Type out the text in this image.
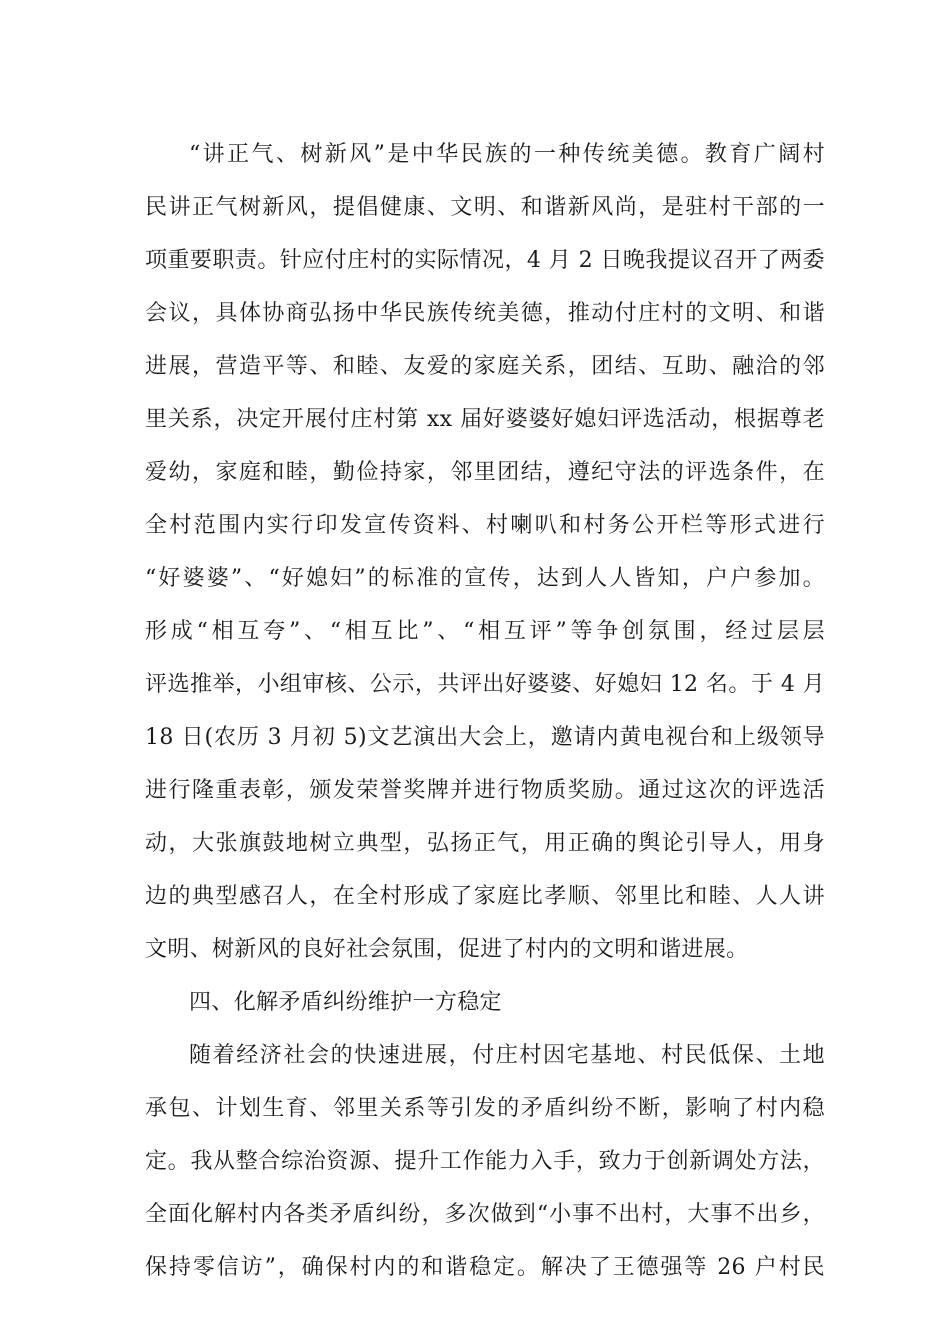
“讲正气、树新风”是中华民族的一种传统美德。教育广阔村
民讲正气树新风，提倡健康、文明、和谐新风尚，是驻村干部的一
项重要职责。针应付庄村的实际情况，4 月 2 日晚我提议召开了两委
会议，具体协商弘扬中华民族传统美德，推动付庄村的文明、和谐
进展，营造平等、和睦、友爱的家庭关系，团结、互助、融洽的邻
里关系，决定开展付庄村第 xx 届好婆婆好媳妇评选活动，根据尊老
爱幼，家庭和睦，勤俭持家，邻里团结，遵纪守法的评选条件，在
全村范围内实行印发宣传资料、村喇叭和村务公开栏等形式进行
“好婆婆”、“好媳妇”的标准的宣传，达到人人皆知，户户参加。
形成“相互夸”、“相互比”、“相互评”等争创氛围，经过层层
评选推举，小组审核、公示，共评出好婆婆、好媳妇 12 名。于 4 月
18 日(农历 3 月初 5)文艺演出大会上，邀请内黄电视台和上级领导
进行隆重表彰，颁发荣誉奖牌并进行物质奖励。通过这次的评选活
动，大张旗鼓地树立典型，弘扬正气，用正确的舆论引导人，用身
边的典型感召人，在全村形成了家庭比孝顺、邻里比和睦、人人讲
文明、树新风的良好社会氛围，促进了村内的文明和谐进展。
四、化解矛盾纠纷维护一方稳定
随着经济社会的快速进展，付庄村因宅基地、村民低保、土地
承包、计划生育、邻里关系等引发的矛盾纠纷不断，影响了村内稳
定。我从整合综治资源、提升工作能力入手，致力于创新调处方法，
全面化解村内各类矛盾纠纷，多次做到“小事不出村，大事不出乡，
保持零信访”，确保村内的和谐稳定。解决了王德强等 26 户村民
